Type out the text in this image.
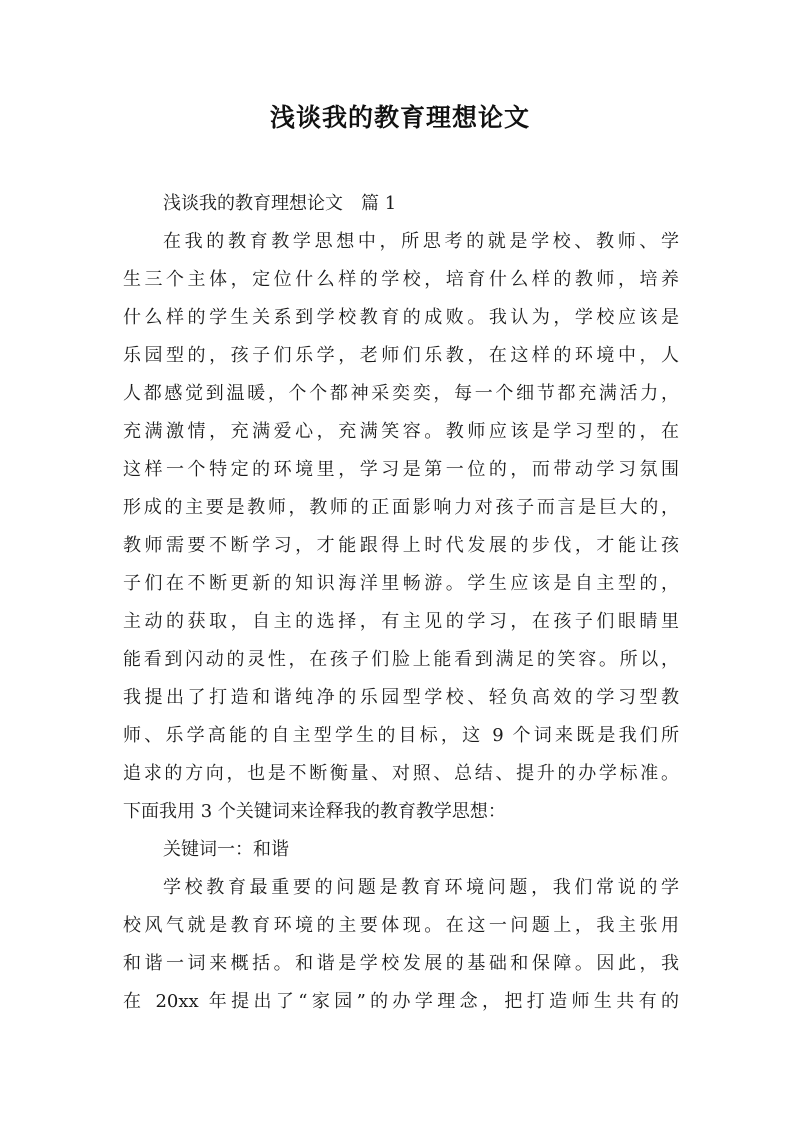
浅谈我的教育理想论文
浅谈我的教育理想论文　篇 1
在我的教育教学思想中，所思考的就是学校、教师、学
生三个主体，定位什么样的学校，培育什么样的教师，培养
什么样的学生关系到学校教育的成败。我认为，学校应该是
乐园型的，孩子们乐学，老师们乐教，在这样的环境中，人
人都感觉到温暖，个个都神采奕奕，每一个细节都充满活力，
充满激情，充满爱心，充满笑容。教师应该是学习型的，在
这样一个特定的环境里，学习是第一位的，而带动学习氛围
形成的主要是教师，教师的正面影响力对孩子而言是巨大的，
教师需要不断学习，才能跟得上时代发展的步伐，才能让孩
子们在不断更新的知识海洋里畅游。学生应该是自主型的，
主动的获取，自主的选择，有主见的学习，在孩子们眼睛里
能看到闪动的灵性，在孩子们脸上能看到满足的笑容。所以，
我提出了打造和谐纯净的乐园型学校、轻负高效的学习型教
师、乐学高能的自主型学生的目标，这 9 个词来既是我们所
追求的方向，也是不断衡量、对照、总结、提升的办学标准。
下面我用 3 个关键词来诠释我的教育教学思想：
关键词一：和谐
学校教育最重要的问题是教育环境问题，我们常说的学
校风气就是教育环境的主要体现。在这一问题上，我主张用
和谐一词来概括。和谐是学校发展的基础和保障。因此，我
在 20xx 年提出了“家园”的办学理念，把打造师生共有的
